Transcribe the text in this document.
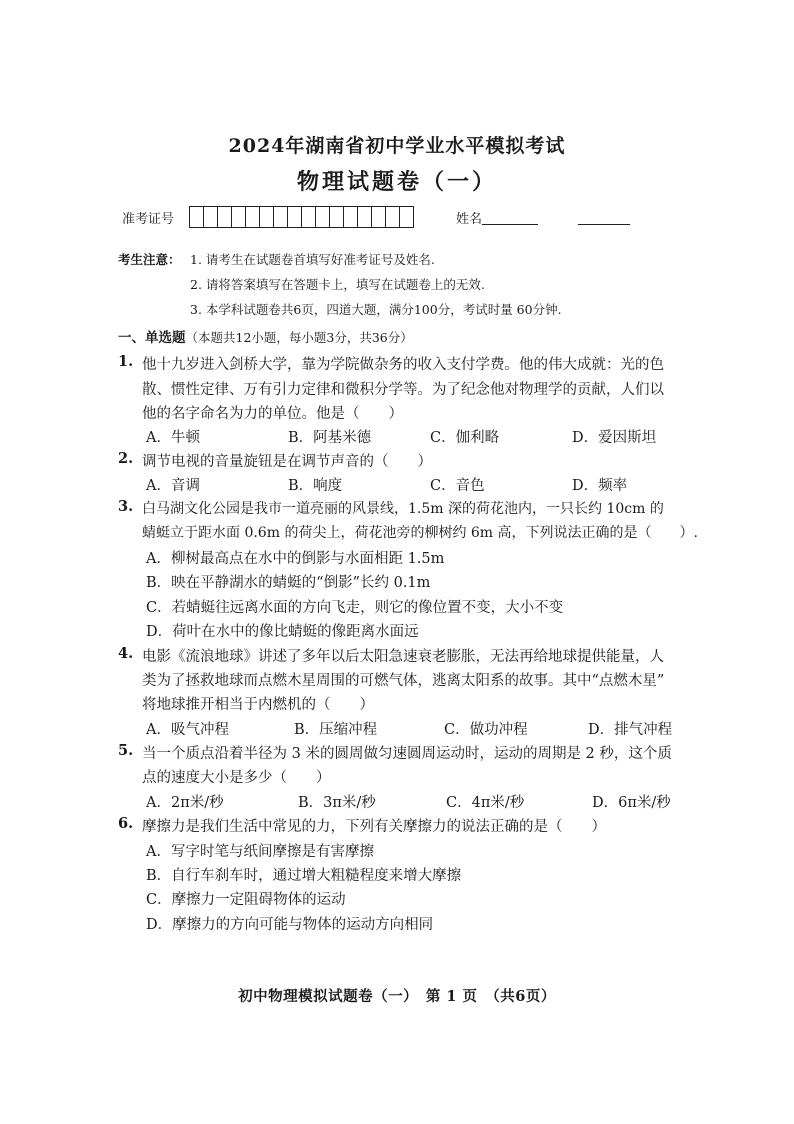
2024年湖南省初中学业水平模拟考试
物理试题卷（一）
准考证号	姓名
考生注意： 1. 请考生在试题卷首填写好准考证号及姓名.
2. 请将答案填写在答题卡上，填写在试题卷上的无效.
3. 本学科试题卷共6页，四道大题，满分100分，考试时量 60分钟.
一、单选题（本题共12小题，每小题3分，共36分）
1. 他十九岁进入剑桥大学，靠为学院做杂务的收入支付学费。他的伟大成就：光的色
散、惯性定律、万有引力定律和微积分学等。为了纪念他对物理学的贡献，人们以
他的名字命名为力的单位。他是（　　）
A．牛顿	B．阿基米德	C．伽利略	D．爱因斯坦
2. 调节电视的音量旋钮是在调节声音的（　　）
A．音调	B．响度	C．音色	D．频率
3. 白马湖文化公园是我市一道亮丽的风景线，1.5m 深的荷花池内，一只长约 10cm 的
蜻蜓立于距水面 0.6m 的荷尖上，荷花池旁的柳树约 6m 高，下列说法正确的是（　　）.
A．柳树最高点在水中的倒影与水面相距 1.5m
B．映在平静湖水的蜻蜓的“倒影”长约 0.1m
C．若蜻蜓往远离水面的方向飞走，则它的像位置不变，大小不变
D．荷叶在水中的像比蜻蜓的像距离水面远
4. 电影《流浪地球》讲述了多年以后太阳急速衰老膨胀，无法再给地球提供能量，人
类为了拯救地球而点燃木星周围的可燃气体，逃离太阳系的故事。其中“点燃木星”
将地球推开相当于内燃机的（　　）
A．吸气冲程	B．压缩冲程	C．做功冲程	D．排气冲程
5. 当一个质点沿着半径为 3 米的圆周做匀速圆周运动时，运动的周期是 2 秒，这个质
点的速度大小是多少（　　）
A．2π米/秒	B．3π米/秒	C．4π米/秒	D．6π米/秒
6. 摩擦力是我们生活中常见的力，下列有关摩擦力的说法正确的是（　　）
A．写字时笔与纸间摩擦是有害摩擦
B．自行车刹车时，通过增大粗糙程度来增大摩擦
C．摩擦力一定阻碍物体的运动
D．摩擦力的方向可能与物体的运动方向相同
初中物理模拟试题卷（一）　第 1 页　（共6页）
